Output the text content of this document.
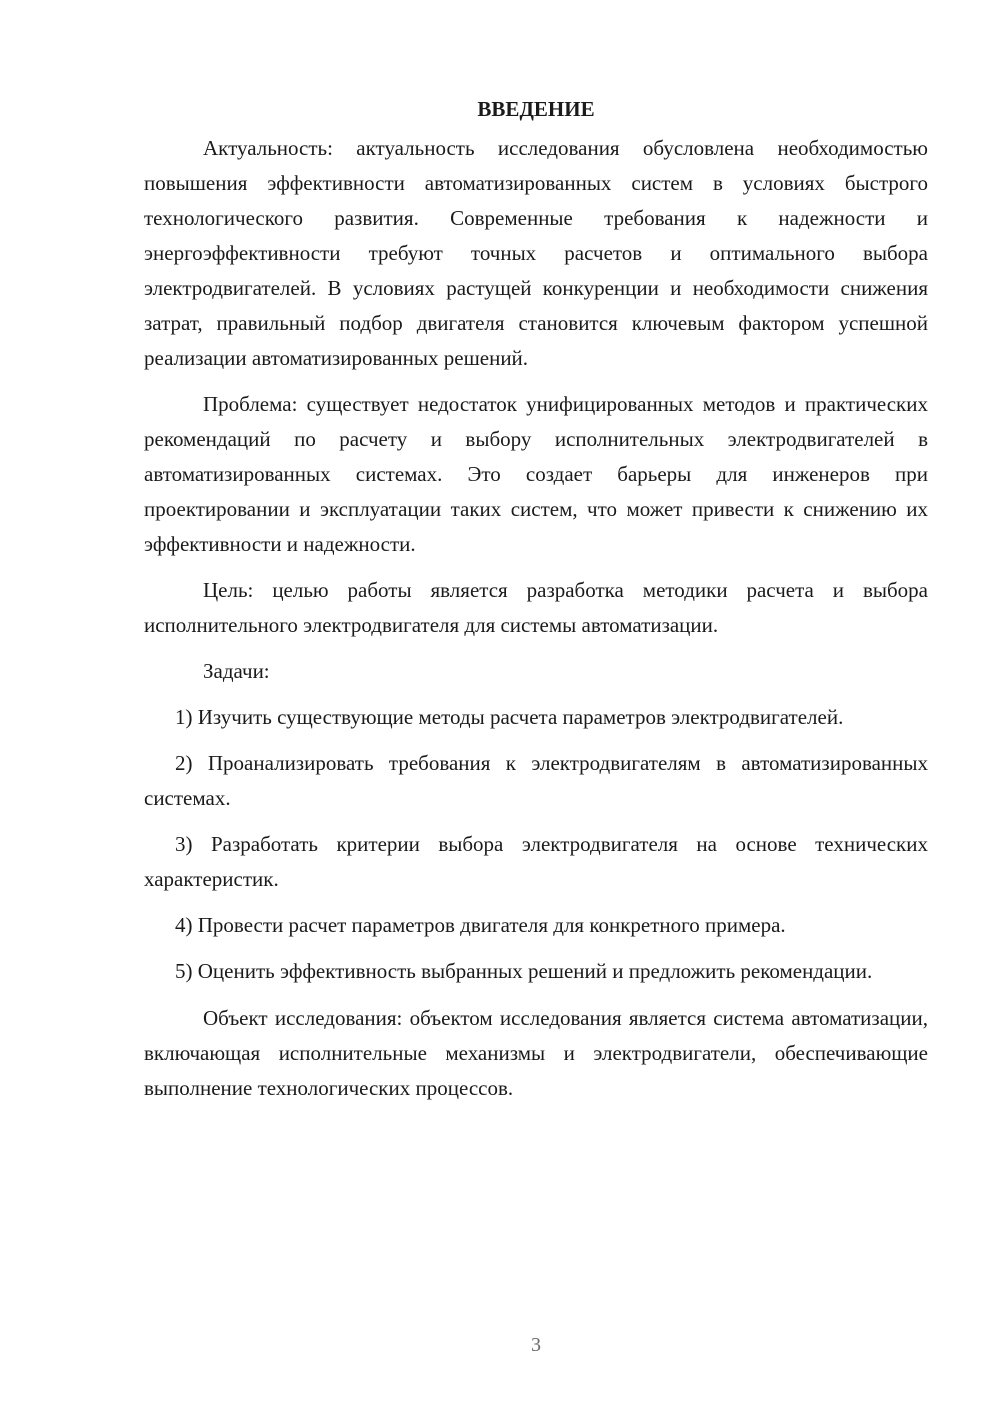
ВВЕДЕНИЕ

Актуальность: актуальность исследования обусловлена необходимостью повышения эффективности автоматизированных систем в условиях быстрого технологического развития. Современные требования к надежности и энергоэффективности требуют точных расчетов и оптимального выбора электродвигателей. В условиях растущей конкуренции и необходимости снижения затрат, правильный подбор двигателя становится ключевым фактором успешной реализации автоматизированных решений.

Проблема: существует недостаток унифицированных методов и практических рекомендаций по расчету и выбору исполнительных электродвигателей в автоматизированных системах. Это создает барьеры для инженеров при проектировании и эксплуатации таких систем, что может привести к снижению их эффективности и надежности.

Цель: целью работы является разработка методики расчета и выбора исполнительного электродвигателя для системы автоматизации.

Задачи:

1) Изучить существующие методы расчета параметров электродвигателей.

2) Проанализировать требования к электродвигателям в автоматизированных системах.

3) Разработать критерии выбора электродвигателя на основе технических характеристик.

4) Провести расчет параметров двигателя для конкретного примера.

5) Оценить эффективность выбранных решений и предложить рекомендации.

Объект исследования: объектом исследования является система автоматизации, включающая исполнительные механизмы и электродвигатели, обеспечивающие выполнение технологических процессов.

3
